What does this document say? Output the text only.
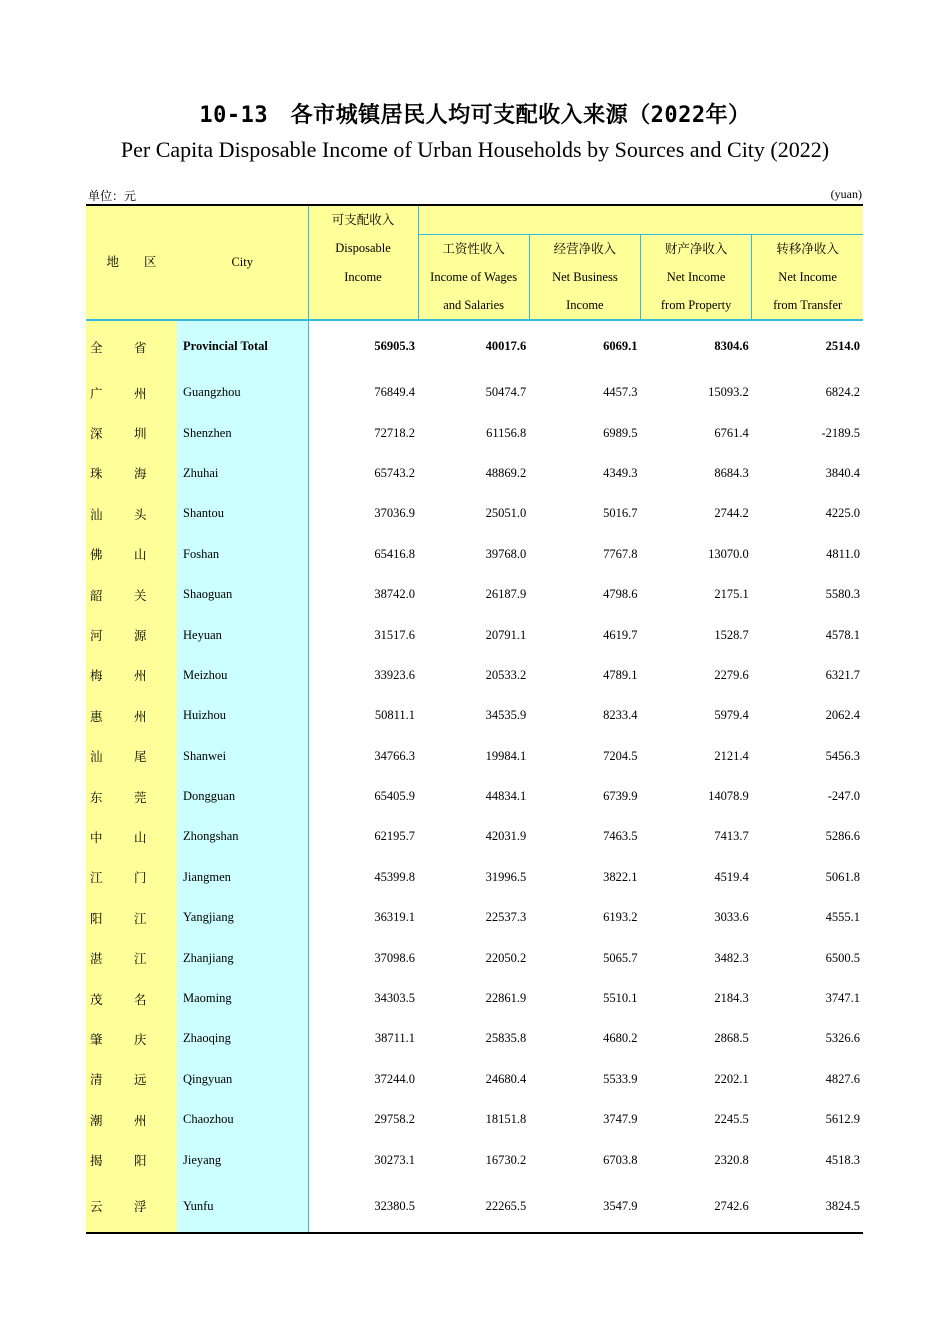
10-13　各市城镇居民人均可支配收入来源（2022年）
Per Capita Disposable Income of Urban Households by Sources and City (2022)
单位：元	(yuan)
地　　区	City	可支配收入				
		Disposable	工资性收入	经营净收入	财产净收入	转移净收入
		Income	Income of Wages	Net Business	Net Income	Net Income
			and Salaries	Income	from Property	from Transfer
全 省	Provincial Total	56905.3	40017.6	6069.1	8304.6	2514.0
广 州	Guangzhou	76849.4	50474.7	4457.3	15093.2	6824.2
深 圳	Shenzhen	72718.2	61156.8	6989.5	6761.4	-2189.5
珠 海	Zhuhai	65743.2	48869.2	4349.3	8684.3	3840.4
汕 头	Shantou	37036.9	25051.0	5016.7	2744.2	4225.0
佛 山	Foshan	65416.8	39768.0	7767.8	13070.0	4811.0
韶 关	Shaoguan	38742.0	26187.9	4798.6	2175.1	5580.3
河 源	Heyuan	31517.6	20791.1	4619.7	1528.7	4578.1
梅 州	Meizhou	33923.6	20533.2	4789.1	2279.6	6321.7
惠 州	Huizhou	50811.1	34535.9	8233.4	5979.4	2062.4
汕 尾	Shanwei	34766.3	19984.1	7204.5	2121.4	5456.3
东 莞	Dongguan	65405.9	44834.1	6739.9	14078.9	-247.0
中 山	Zhongshan	62195.7	42031.9	7463.5	7413.7	5286.6
江 门	Jiangmen	45399.8	31996.5	3822.1	4519.4	5061.8
阳 江	Yangjiang	36319.1	22537.3	6193.2	3033.6	4555.1
湛 江	Zhanjiang	37098.6	22050.2	5065.7	3482.3	6500.5
茂 名	Maoming	34303.5	22861.9	5510.1	2184.3	3747.1
肇 庆	Zhaoqing	38711.1	25835.8	4680.2	2868.5	5326.6
清 远	Qingyuan	37244.0	24680.4	5533.9	2202.1	4827.6
潮 州	Chaozhou	29758.2	18151.8	3747.9	2245.5	5612.9
揭 阳	Jieyang	30273.1	16730.2	6703.8	2320.8	4518.3
云 浮	Yunfu	32380.5	22265.5	3547.9	2742.6	3824.5
